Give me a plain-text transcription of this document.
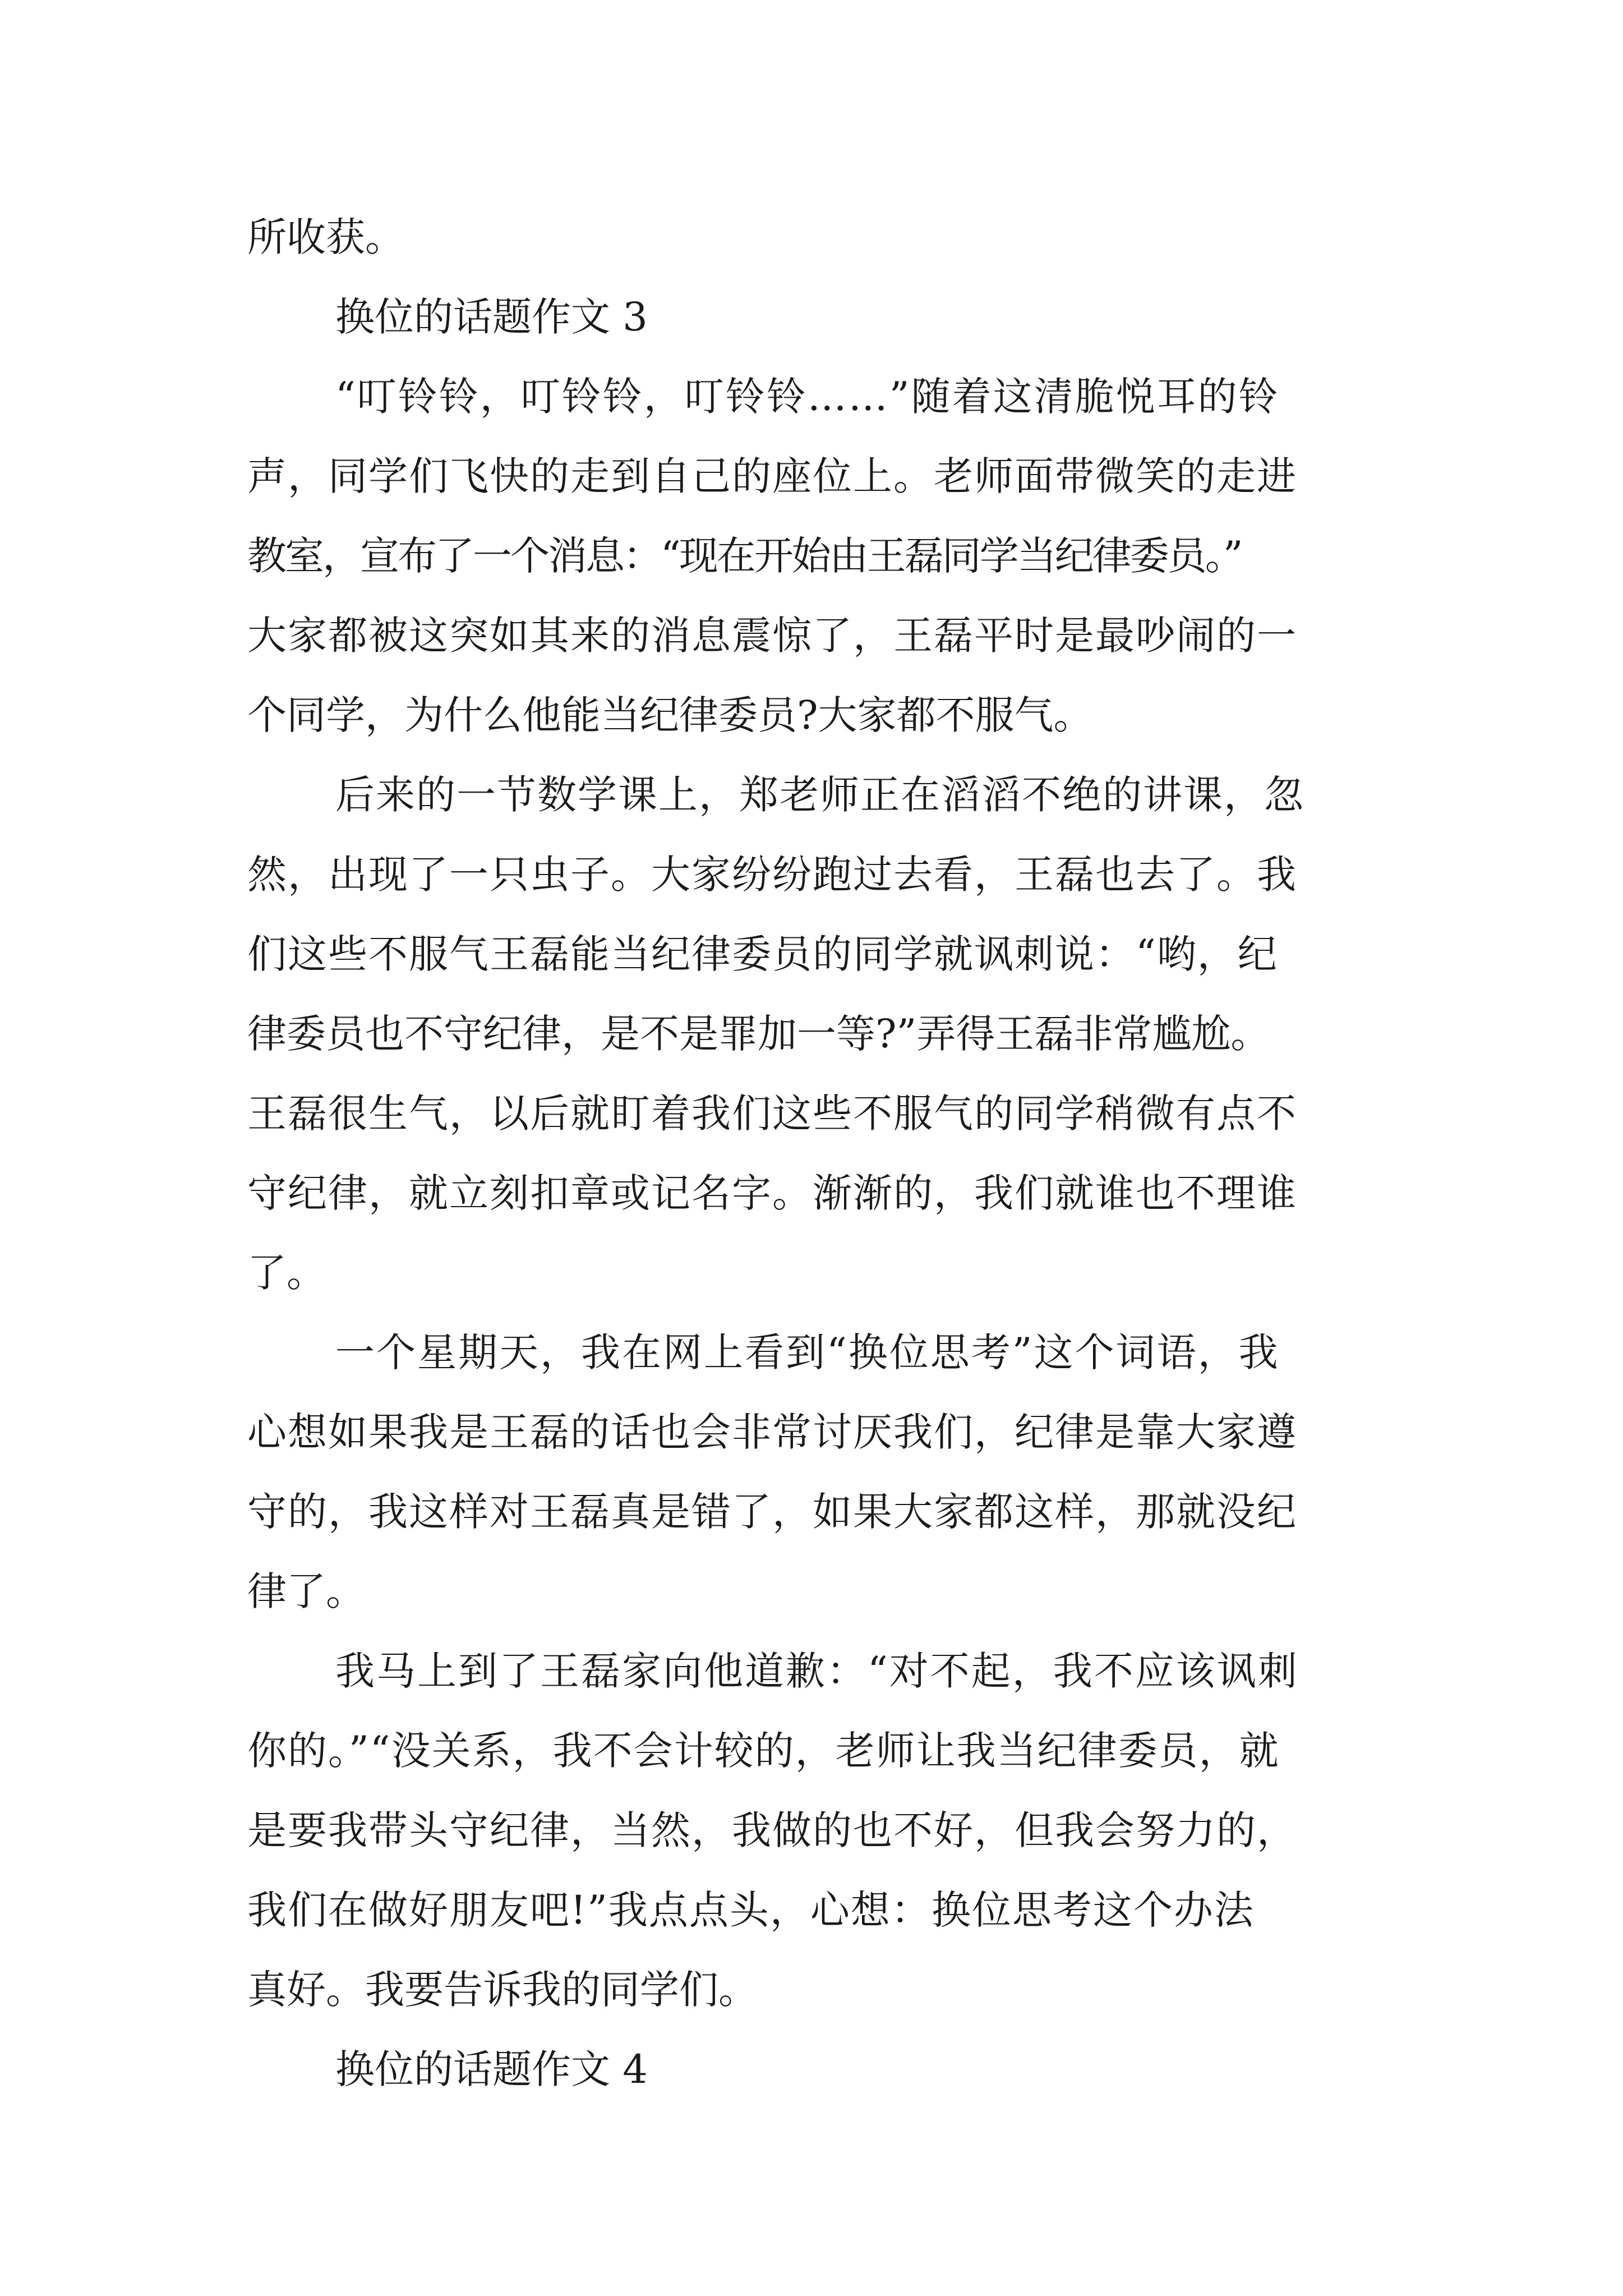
所收获。
换位的话题作文 3
“叮铃铃，叮铃铃，叮铃铃……”随着这清脆悦耳的铃
声，同学们飞快的走到自己的座位上。老师面带微笑的走进
教室，宣布了一个消息：“现在开始由王磊同学当纪律委员。”
大家都被这突如其来的消息震惊了，王磊平时是最吵闹的一
个同学，为什么他能当纪律委员?大家都不服气。
后来的一节数学课上，郑老师正在滔滔不绝的讲课，忽
然，出现了一只虫子。大家纷纷跑过去看，王磊也去了。我
们这些不服气王磊能当纪律委员的同学就讽刺说：“哟，纪
律委员也不守纪律，是不是罪加一等?”弄得王磊非常尴尬。
王磊很生气，以后就盯着我们这些不服气的同学稍微有点不
守纪律，就立刻扣章或记名字。渐渐的，我们就谁也不理谁
了。
一个星期天，我在网上看到“换位思考”这个词语，我
心想如果我是王磊的话也会非常讨厌我们，纪律是靠大家遵
守的，我这样对王磊真是错了，如果大家都这样，那就没纪
律了。
我马上到了王磊家向他道歉：“对不起，我不应该讽刺
你的。”“没关系，我不会计较的，老师让我当纪律委员，就
是要我带头守纪律，当然，我做的也不好，但我会努力的，
我们在做好朋友吧!”我点点头，心想：换位思考这个办法
真好。我要告诉我的同学们。
换位的话题作文 4
